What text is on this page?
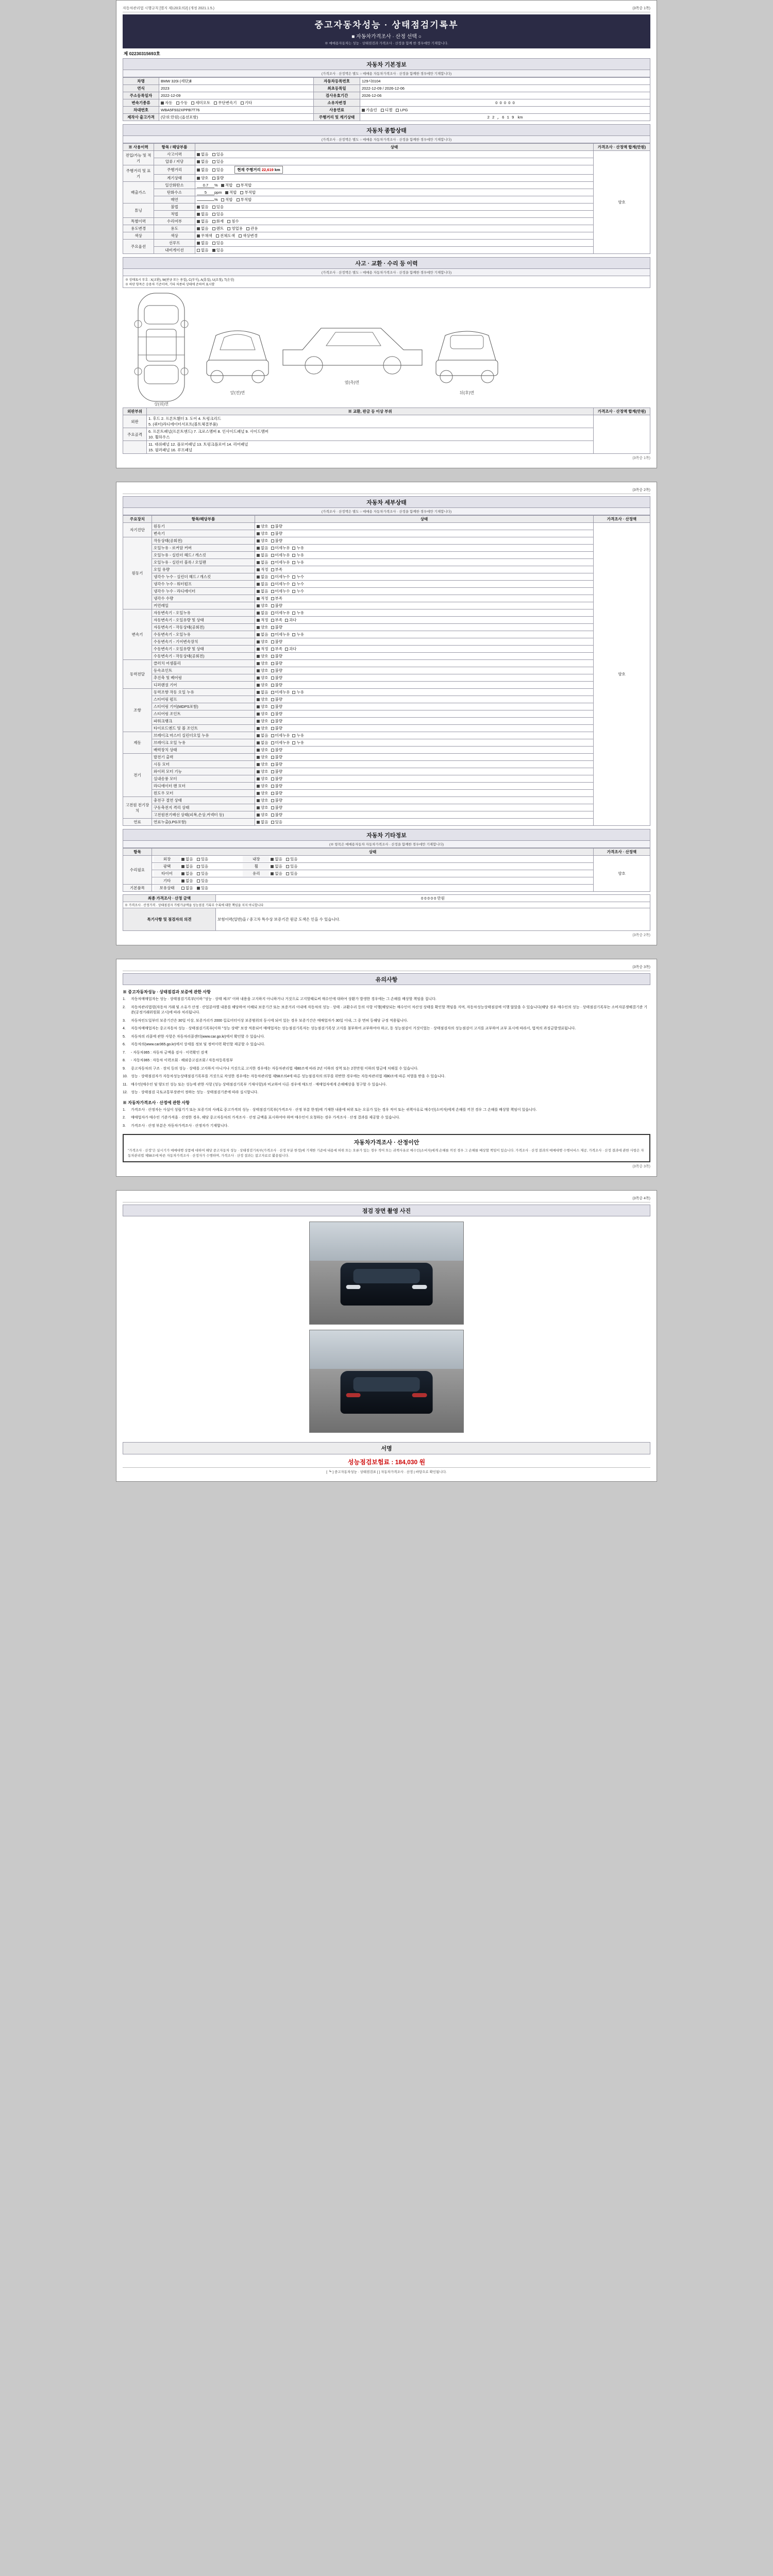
자동차관리법 시행규칙 [별지 제120호의2] (개정 2021.1.5.)	(3쪽중 1쪽)
중고자동차성능 · 상태점검기록부
■ 자동차가격조사 · 산정 선택 ○
※ 매매용자동차는 성능 · 상태점검과 가격조사 · 산정을 함께 한 경우에만 기재합니다.
제 02230315693호
자동차 기본정보
(가격조사 · 산정액은 별도 ○ 매매용 자동차가격조사 · 산정을 함께한 경우에만 기재합니다)
차명	BMW 320i (세단)Ⅱ	자동차등록번호	129시0104
연식	2023	최초등록일	2022-12-09 / 2026-12-06
주소등록일자	2022-12-09	검사유효기간	2026-12-06
변속기종류	자동 수동 세미오토 무단변속기 기타	소유자변경	0  0  0  0  0
차대번호	WBA5F932XPPB7T76	사용연료	가솔린 디젤 LPG
제작사 출고가격	(단위:만원) (옵션포함)	주행거리 및 계기상태	22,619 km
자동차 종합상태
(가격조사 · 산정액은 별도 ○ 매매용 자동차가격조사 · 산정을 함께한 경우에만 기재합니다)
※ 사용이력	항목 / 해당부품	상태	가격조사 · 산정액 합계(만원)
전입/가능 및 적기	사고이력	없음 있음	양호
	압류 / 저당	없음 있음	
주행거리 및 표기	주행거리	없음 있음 현재 주행거리 22,619 km	
	계기상태	양호 불량	
배출가스	일산화탄소	0.7 %   적합 부적합	
	탄화수소	5 ppm   적합 부적합	
	매연	%   적합 부적합	
튜닝	불법	없음 있음	
	적법	없음 있음	
특별이력	수리여부	없음 화재 침수	
용도변경	용도	없음 렌트 영업용 관용	
색상	색상	무채색 전체도색 색상변경	
주요옵션	선루프	없음 있음	
	내비게이션	없음 있음	
사고 · 교환 · 수리 등 이력
(가격조사 · 산정액은 별도 ○ 매매용 자동차가격조사 · 산정을 함께한 경우에만 기재합니다)
※ 상태표시 부호 : X(교환), W(판금 또는 용접), C(부식), A(흠집), U(요철), T(손상)
※ 하단 항목은 승용차 기준이며, 기타 차종의 상태에 준하여 표시함
상(위)면

앞(전)면

옆(측)면

뒤(후)면
외판부위	※ 교환, 판금 등 이상 부위	가격조사 · 산정액 합계(만원)
외판	1. 후드 2. 프론트휀더 3. 도어 4. 트렁크리드
5. (쿼터)라디에이터서포트(볼트체결부품)	

주요골격	6. 프론트패널(프론트엔드) 7. 크로스멤버 8. 인사이드패널 9. 사이드멤버
10. 휠하우스	

	11. 대쉬패널 12. 플로어패널 13. 트렁크플로어 14. 리어패널
15. 필러패널 16. 루프패널	
(3쪽중 1쪽)
(3쪽중 2쪽)
자동차 세부상태
(가격조사 · 산정액은 별도 ○ 매매용 자동차가격조사 · 산정을 함께한 경우에만 기재합니다)
주요장치	항목/해당부품	상태	가격조사 · 산정액
자기진단	원동기	양호 불량	양호
	변속기	양호 불량	
원동기	작동상태(공회전)	양호 불량	
	오일누유 - 로커암 커버	없음 미세누유 누유	
	오일누유 - 실린더 헤드 / 개스킷	없음 미세누유 누유	
	오일누유 - 실린더 블록 / 오일팬	없음 미세누유 누유	
	오일 유량	적정 부족	
	냉각수 누수 - 실린더 헤드 / 개스킷	없음 미세누수 누수	
	냉각수 누수 - 워터펌프	없음 미세누수 누수	
	냉각수 누수 - 라디에이터	없음 미세누수 누수	
	냉각수 수량	적정 부족	
	커먼레일	양호 불량	
변속기	자동변속기 - 오일누유	없음 미세누유 누유	
	자동변속기 - 오일유량 및 상태	적정 부족 과다	
	자동변속기 - 작동상태(공회전)	양호 불량	
	수동변속기 - 오일누유	없음 미세누유 누유	
	수동변속기 - 기어변속장치	양호 불량	
	수동변속기 - 오일유량 및 상태	적정 부족 과다	
	수동변속기 - 작동상태(공회전)	양호 불량	
동력전달	클러치 어셈블리	양호 불량	
	등속죠인트	양호 불량	
	추진축 및 베어링	양호 불량	
	디퍼렌셜 기어	양호 불량	
조향	동력조향 작동 오일 누유	없음 미세누유 누유	
	스티어링 펌프	양호 불량	
	스티어링 기어(MDPS포함)	양호 불량	
	스티어링 조인트	양호 불량	
	파워크랭크	양호 불량	
	타이로드엔드 및 볼 조인트	양호 불량	
제동	브레이크 마스터 실린더오일 누유	없음 미세누유 누유	
	브레이크 오일 누유	없음 미세누유 누유	
	배력장치 상태	양호 불량	
전기	발전기 출력	양호 불량	
	시동 모터	양호 불량	
	와이퍼 모터 기능	양호 불량	
	실내송풍 모터	양호 불량	
	라디에이터 팬 모터	양호 불량	
	윈도우 모터	양호 불량	
고전원 전기장치	충전구 절연 상태	양호 불량	
	구동축전지 격리 상태	양호 불량	
	고전원전기배선 상태(피복,손상,커넥터 등)	양호 불량	
연료	연료누출(LPG포함)	없음 있음	
자동차 기타정보
(※ 항목은 매매용자동차 자동차가격조사 · 산정을 함께한 경우에만 기재합니다)
항목	상태	가격조사 · 산정액
수리필요	외장 없음 있음 내장 없음 있음	양호
	광택 없음 있음 휠 없음 있음	
	타이어 없음 있음 유리 없음 있음	
	기타 없음 있음	
기본품목	보유상태 없음 있음	
최종 가격조사 · 산정 금액	0 0 0 0 0 만원
※ 가격조사 · 산정가격 · 상태점검자 가평가금액을 성능점검 기록부 수록에 대한 책임을 지지 아니합니다	
특기사항 및 점검자의 의견	보험이력(일반)을 / 중고차 특수상 보증기간 원금 도색은 인을 수 있습니다.
(3쪽중 2쪽)
(3쪽중 3쪽)
유의사항
※ 중고자동차성능 · 상태점검과 보증에 관한 사항
1.	자동차매매업자는 성능 · 상태점검기록부(이하 "성능 · 상태 체크" 이하 내용을 고지하지 아니하거나 거짓으로 고지할때로써 매수인에 대하여 상환가 발생한 경우에는 그 손해를 배상할 책임을 집니다.
2.	자동차관리법령(자동차 거래 및 소유가 산정 · 산업분야별 내용를 해당하여 이해되 보증기간 또는 보증거리 이내에 자동차의 성능 · 상태 · 교환수리 등의 사항 이행(해당되는 매수인이 차산성 상태를 확인할 책임을 지며, 자동차성능상태점검에 이행 않았을 수 있습니다(해당 경우 매수인의 성능 · 상태점검기록부는 소비자분쟁해결기준 기준(공정거래위원회 고시)에 따라 처리됩니다.
3.	자동차인도일부터 보증기간은 30일 이상, 보증거리가 2000 킬로미터이상 보증범위의 동시에 되어 있는 경우 보증기간은 매매업자가 30일 이내, 그 중 면허 등해당 규정 적용됩니다.
4.	자동차매매업자는 중고자동차 성능 · 상태점검기록부(이하 "성능 상태" 보장 적용되어 매매업자는 성능점검기록자는 성능점검기록상 고지를 첨부하여 교부하여야 하고, 동 성능점검이 거짓이었는 · 상태점검자의 성능점검이 고지를 교부하여 교부 표시에 따라서, 법적의 과징금발생료됩니다.
5.	자동차의 리콜에 관한 사항은 자동차리콜센터(www.car.go.kr)에서 확인할 수 있습니다.
6.	자동차의(www.car365.go.kr)에서 상세를 정보 및 정비이력 확인할 제공할 수 있습니다.
7.	- 자동차365 : 자동차 금액을 검사 · 이력확인 검색
8.	- 자동차365 : 자동차 이력조회 · 해외중고검조회 / 자동차등록원부
9.	중고자동차의 구조 · 장치 등의 성능 · 상태를 고지하지 아니거나 거짓으로 고지한 경우에는 자동차관리법 제80조에 따라 2년 이하의 징역 또는 2천만원 이하의 벌금에 처해질 수 있습니다.
10. 성능 · 상태점검자가 자동차성능상태점검기록부를 거짓으로 작성한 경우에는 자동차관리법 제58조의4에 따른 성능점검자의 의무를 위반한 경우에는 자동차관리법 제80조에 따른 처벌을 받을 수 있습니다.
11. 매수인(매수인 및 양도인 성능 또는 성능에 관한 사항 (성능 상태점검기록부 기재사항)과 비교하여 다른 경우에 매도인 · 매매업자에게 손해배상을 청구할 수 있습니다.
12. 성능 · 상태점검 국토교통부장관이 정하는 성능 · 상태점검기준에 따라 실시합니다.
※ 자동차가격조사 · 산정에 관한 사항
1.	가격조사 · 산정자는 사실이 성립기기 또는 보증기의 사례로 중고가격의 성능 · 상태점검기록부(가격조사 · 산정 부분 한정)에 기재한 내용에 허위 또는 오류가 있는 경우 적어 또는 귀책사유로 매수인(소비자)에게 손해를 끼친 경우 그 손해를 배상할 책임이 있습니다.
2.	매매업자가 매수인 기준가격을 · 산정한 경우, 해당 중고자동차의 가격조사 · 산정 금액을 표시하여야 하며 매수인이 요청하는 경우 가격조사 · 산정 결과를 제공할 수 있습니다.
3.	가격조사 · 산정 부분은 자동차가격조사 · 산정자가 기재합니다.
자동차가격조사 · 산정이안
"가격조사 · 산정"은 실시기가 매매대행 상품에 대하여 해당 중고자동차 성능 · 상태점검기록부(가격조사 · 산정 부분 한정)에 기재한 기준에 내용에 허위 또는 오류가 있는 경우 적어 또는 귀책사유로 매수인(소비자)에게 손해를 끼친 경우 그 손해를 배상할 책임이 있습니다. 가격조사 · 산정 결과의 매매대행 수행서비스 제공, 가격조사 · 산정 결과에 관한 사항은 자동차관리법 제58조에 따른 자동차가격조사 · 산정자가 수행하며, 가격조사 · 산정 결과는 참고자료로 활용됩니다.
(3쪽중 3쪽)
(3쪽중 4쪽)
점검 장면 촬영 사진
서명
성능점검보험료 : 184,030 원
[ ┗ ] 중고자동차성능 · 상태점검표 [ ] 자동차가격조사 · 산정 | 바탕으로 확인됩니다.
